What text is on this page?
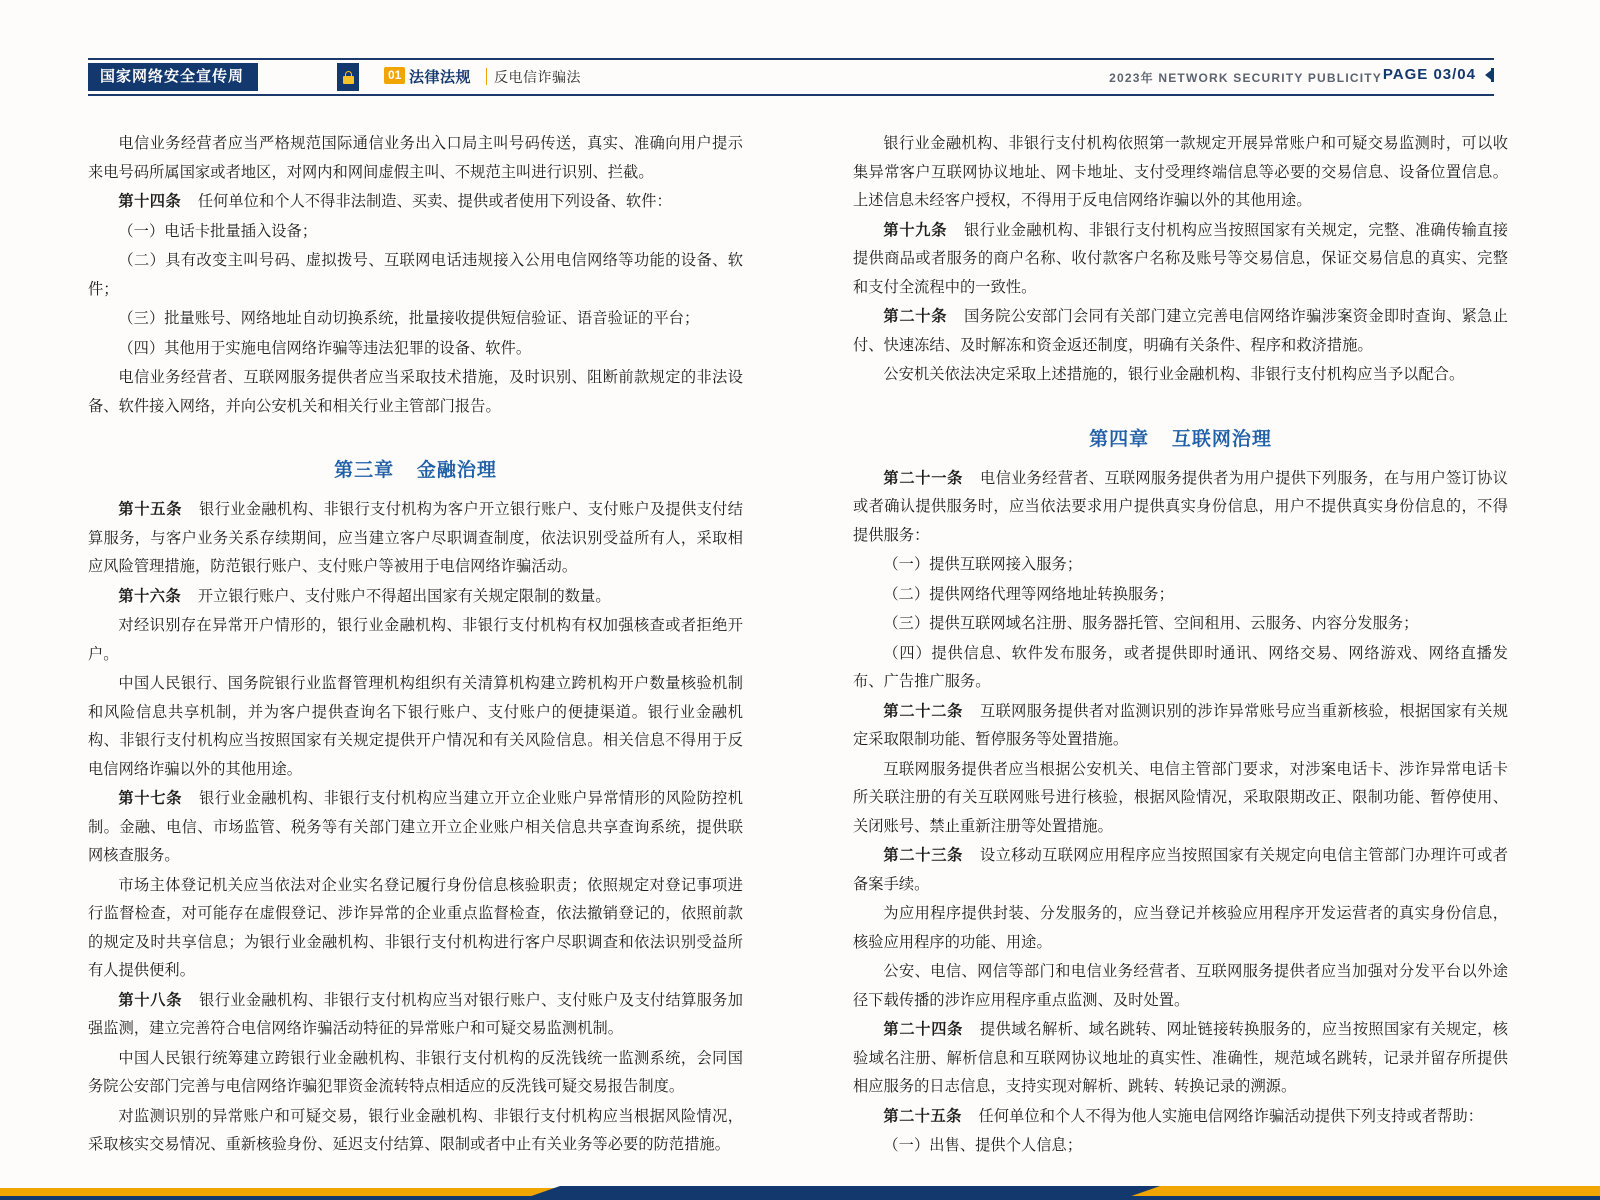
国家网络安全宣传周	01 法律法规 反电信诈骗法	2023年 NETWORK SECURITY PUBLICITY PAGE 03/04

电信业务经营者应当严格规范国际通信业务出入口局主叫号码传送，真实、准确向用户提示来电号码所属国家或者地区，对网内和网间虚假主叫、不规范主叫进行识别、拦截。

第十四条 任何单位和个人不得非法制造、买卖、提供或者使用下列设备、软件：

（一）电话卡批量插入设备；

（二）具有改变主叫号码、虚拟拨号、互联网电话违规接入公用电信网络等功能的设备、软件；

（三）批量账号、网络地址自动切换系统，批量接收提供短信验证、语音验证的平台；

（四）其他用于实施电信网络诈骗等违法犯罪的设备、软件。

电信业务经营者、互联网服务提供者应当采取技术措施，及时识别、阻断前款规定的非法设备、软件接入网络，并向公安机关和相关行业主管部门报告。

第三章 金融治理

第十五条 银行业金融机构、非银行支付机构为客户开立银行账户、支付账户及提供支付结算服务，与客户业务关系存续期间，应当建立客户尽职调查制度，依法识别受益所有人，采取相应风险管理措施，防范银行账户、支付账户等被用于电信网络诈骗活动。

第十六条 开立银行账户、支付账户不得超出国家有关规定限制的数量。

对经识别存在异常开户情形的，银行业金融机构、非银行支付机构有权加强核查或者拒绝开户。

中国人民银行、国务院银行业监督管理机构组织有关清算机构建立跨机构开户数量核验机制和风险信息共享机制，并为客户提供查询名下银行账户、支付账户的便捷渠道。银行业金融机构、非银行支付机构应当按照国家有关规定提供开户情况和有关风险信息。相关信息不得用于反电信网络诈骗以外的其他用途。

第十七条 银行业金融机构、非银行支付机构应当建立开立企业账户异常情形的风险防控机制。金融、电信、市场监管、税务等有关部门建立开立企业账户相关信息共享查询系统，提供联网核查服务。

市场主体登记机关应当依法对企业实名登记履行身份信息核验职责；依照规定对登记事项进行监督检查，对可能存在虚假登记、涉诈异常的企业重点监督检查，依法撤销登记的，依照前款的规定及时共享信息；为银行业金融机构、非银行支付机构进行客户尽职调查和依法识别受益所有人提供便利。

第十八条 银行业金融机构、非银行支付机构应当对银行账户、支付账户及支付结算服务加强监测，建立完善符合电信网络诈骗活动特征的异常账户和可疑交易监测机制。

中国人民银行统筹建立跨银行业金融机构、非银行支付机构的反洗钱统一监测系统，会同国务院公安部门完善与电信网络诈骗犯罪资金流转特点相适应的反洗钱可疑交易报告制度。

对监测识别的异常账户和可疑交易，银行业金融机构、非银行支付机构应当根据风险情况，采取核实交易情况、重新核验身份、延迟支付结算、限制或者中止有关业务等必要的防范措施。

银行业金融机构、非银行支付机构依照第一款规定开展异常账户和可疑交易监测时，可以收集异常客户互联网协议地址、网卡地址、支付受理终端信息等必要的交易信息、设备位置信息。上述信息未经客户授权，不得用于反电信网络诈骗以外的其他用途。

第十九条 银行业金融机构、非银行支付机构应当按照国家有关规定，完整、准确传输直接提供商品或者服务的商户名称、收付款客户名称及账号等交易信息，保证交易信息的真实、完整和支付全流程中的一致性。

第二十条 国务院公安部门会同有关部门建立完善电信网络诈骗涉案资金即时查询、紧急止付、快速冻结、及时解冻和资金返还制度，明确有关条件、程序和救济措施。

公安机关依法决定采取上述措施的，银行业金融机构、非银行支付机构应当予以配合。

第四章 互联网治理

第二十一条 电信业务经营者、互联网服务提供者为用户提供下列服务，在与用户签订协议或者确认提供服务时，应当依法要求用户提供真实身份信息，用户不提供真实身份信息的，不得提供服务：

（一）提供互联网接入服务；

（二）提供网络代理等网络地址转换服务；

（三）提供互联网域名注册、服务器托管、空间租用、云服务、内容分发服务；

（四）提供信息、软件发布服务，或者提供即时通讯、网络交易、网络游戏、网络直播发布、广告推广服务。

第二十二条 互联网服务提供者对监测识别的涉诈异常账号应当重新核验，根据国家有关规定采取限制功能、暂停服务等处置措施。

互联网服务提供者应当根据公安机关、电信主管部门要求，对涉案电话卡、涉诈异常电话卡所关联注册的有关互联网账号进行核验，根据风险情况，采取限期改正、限制功能、暂停使用、关闭账号、禁止重新注册等处置措施。

第二十三条 设立移动互联网应用程序应当按照国家有关规定向电信主管部门办理许可或者备案手续。

为应用程序提供封装、分发服务的，应当登记并核验应用程序开发运营者的真实身份信息，核验应用程序的功能、用途。

公安、电信、网信等部门和电信业务经营者、互联网服务提供者应当加强对分发平台以外途径下载传播的涉诈应用程序重点监测、及时处置。

第二十四条 提供域名解析、域名跳转、网址链接转换服务的，应当按照国家有关规定，核验域名注册、解析信息和互联网协议地址的真实性、准确性，规范域名跳转，记录并留存所提供相应服务的日志信息，支持实现对解析、跳转、转换记录的溯源。

第二十五条 任何单位和个人不得为他人实施电信网络诈骗活动提供下列支持或者帮助：

（一）出售、提供个人信息；
